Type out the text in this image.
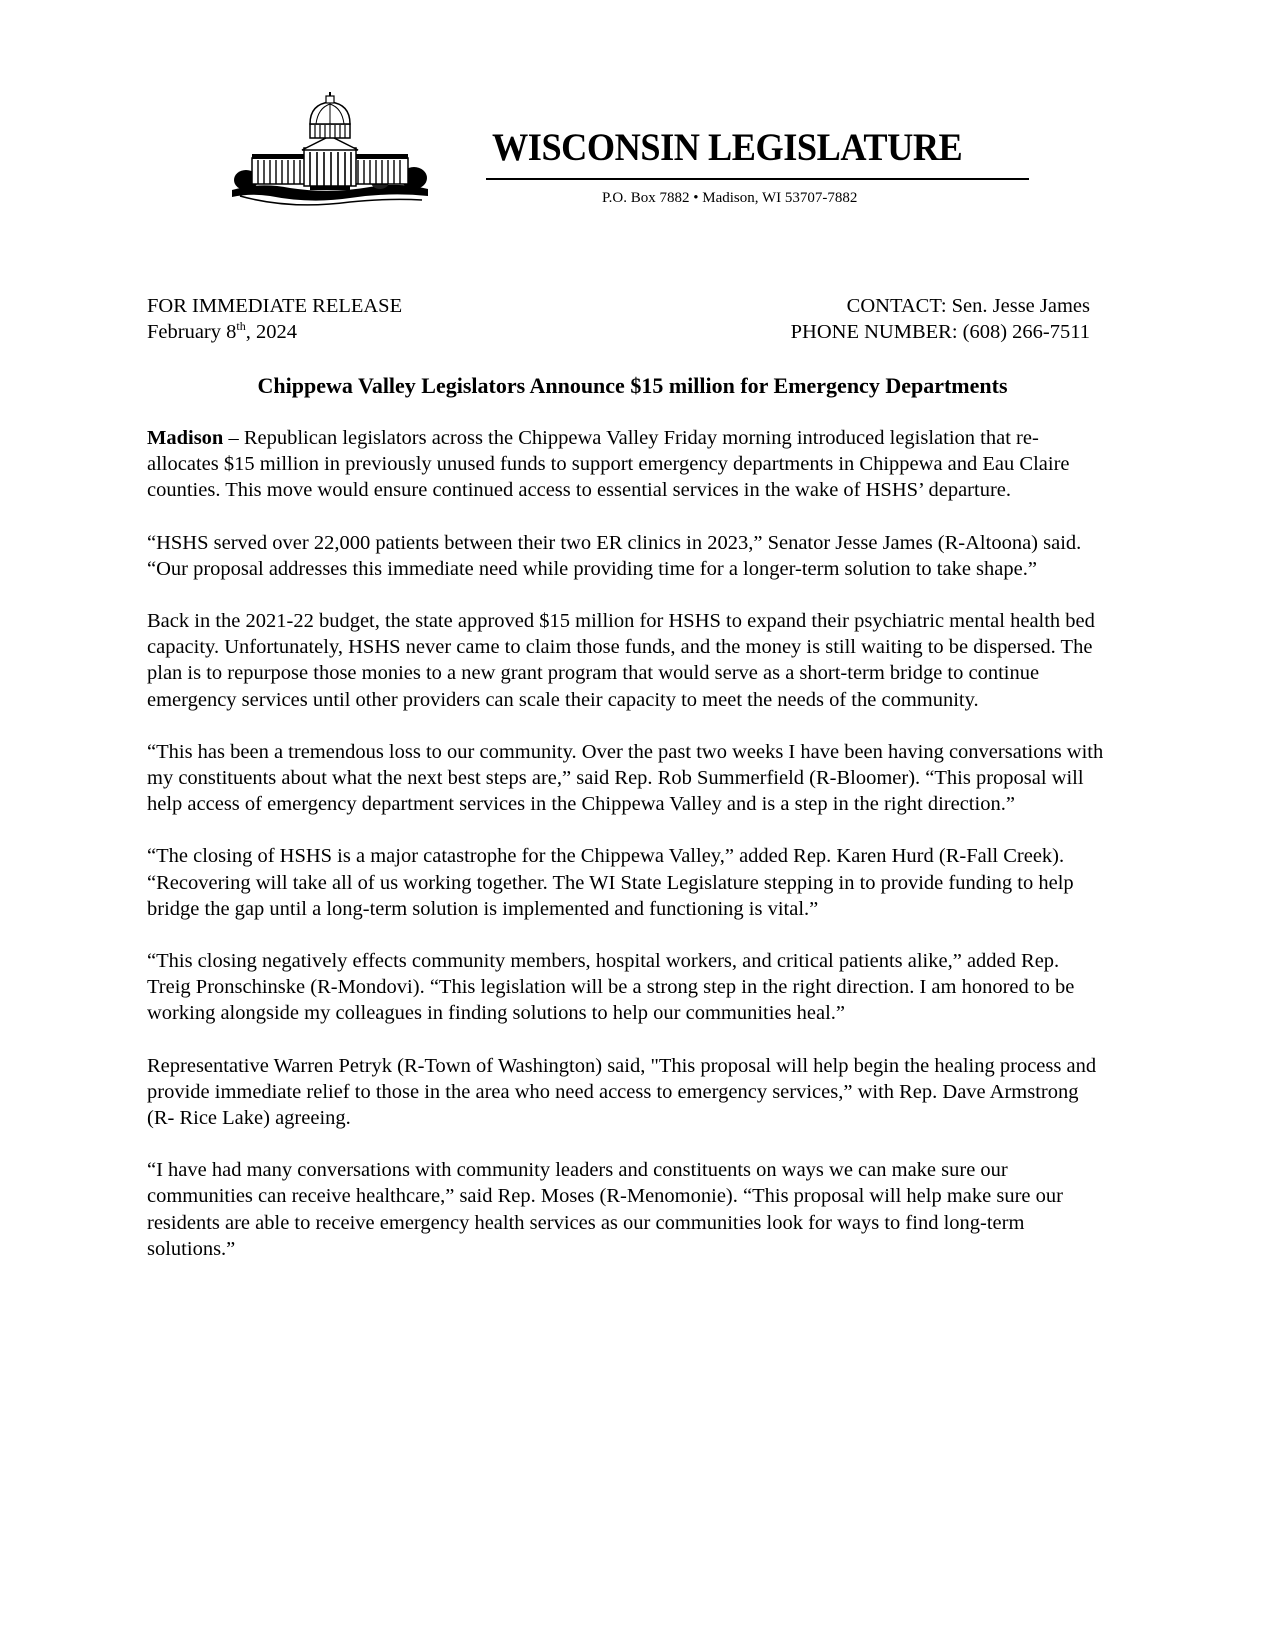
WISCONSIN LEGISLATURE
P.O. Box 7882 • Madison, WI 53707-7882
FOR IMMEDIATE RELEASE
February 8th, 2024
CONTACT: Sen. Jesse James
PHONE NUMBER: (608) 266-7511
Chippewa Valley Legislators Announce $15 million for Emergency Departments

Madison – Republican legislators across the Chippewa Valley Friday morning introduced legislation that re-allocates $15 million in previously unused funds to support emergency departments in Chippewa and Eau Claire counties. This move would ensure continued access to essential services in the wake of HSHS’ departure.

“HSHS served over 22,000 patients between their two ER clinics in 2023,” Senator Jesse James (R-Altoona) said. “Our proposal addresses this immediate need while providing time for a longer-term solution to take shape.”

Back in the 2021-22 budget, the state approved $15 million for HSHS to expand their psychiatric mental health bed capacity. Unfortunately, HSHS never came to claim those funds, and the money is still waiting to be dispersed. The plan is to repurpose those monies to a new grant program that would serve as a short-term bridge to continue emergency services until other providers can scale their capacity to meet the needs of the community.

“This has been a tremendous loss to our community. Over the past two weeks I have been having conversations with my constituents about what the next best steps are,” said Rep. Rob Summerfield (R-Bloomer). “This proposal will help access of emergency department services in the Chippewa Valley and is a step in the right direction.”

“The closing of HSHS is a major catastrophe for the Chippewa Valley,” added Rep. Karen Hurd (R-Fall Creek). “Recovering will take all of us working together. The WI State Legislature stepping in to provide funding to help bridge the gap until a long-term solution is implemented and functioning is vital.”

“This closing negatively effects community members, hospital workers, and critical patients alike,” added Rep. Treig Pronschinske (R-Mondovi). “This legislation will be a strong step in the right direction. I am honored to be working alongside my colleagues in finding solutions to help our communities heal.”

Representative Warren Petryk (R-Town of Washington) said, "This proposal will help begin the healing process and provide immediate relief to those in the area who need access to emergency services,” with Rep. Dave Armstrong (R- Rice Lake) agreeing.

“I have had many conversations with community leaders and constituents on ways we can make sure our communities can receive healthcare,” said Rep. Moses (R-Menomonie). “This proposal will help make sure our residents are able to receive emergency health services as our communities look for ways to find long-term solutions.”
